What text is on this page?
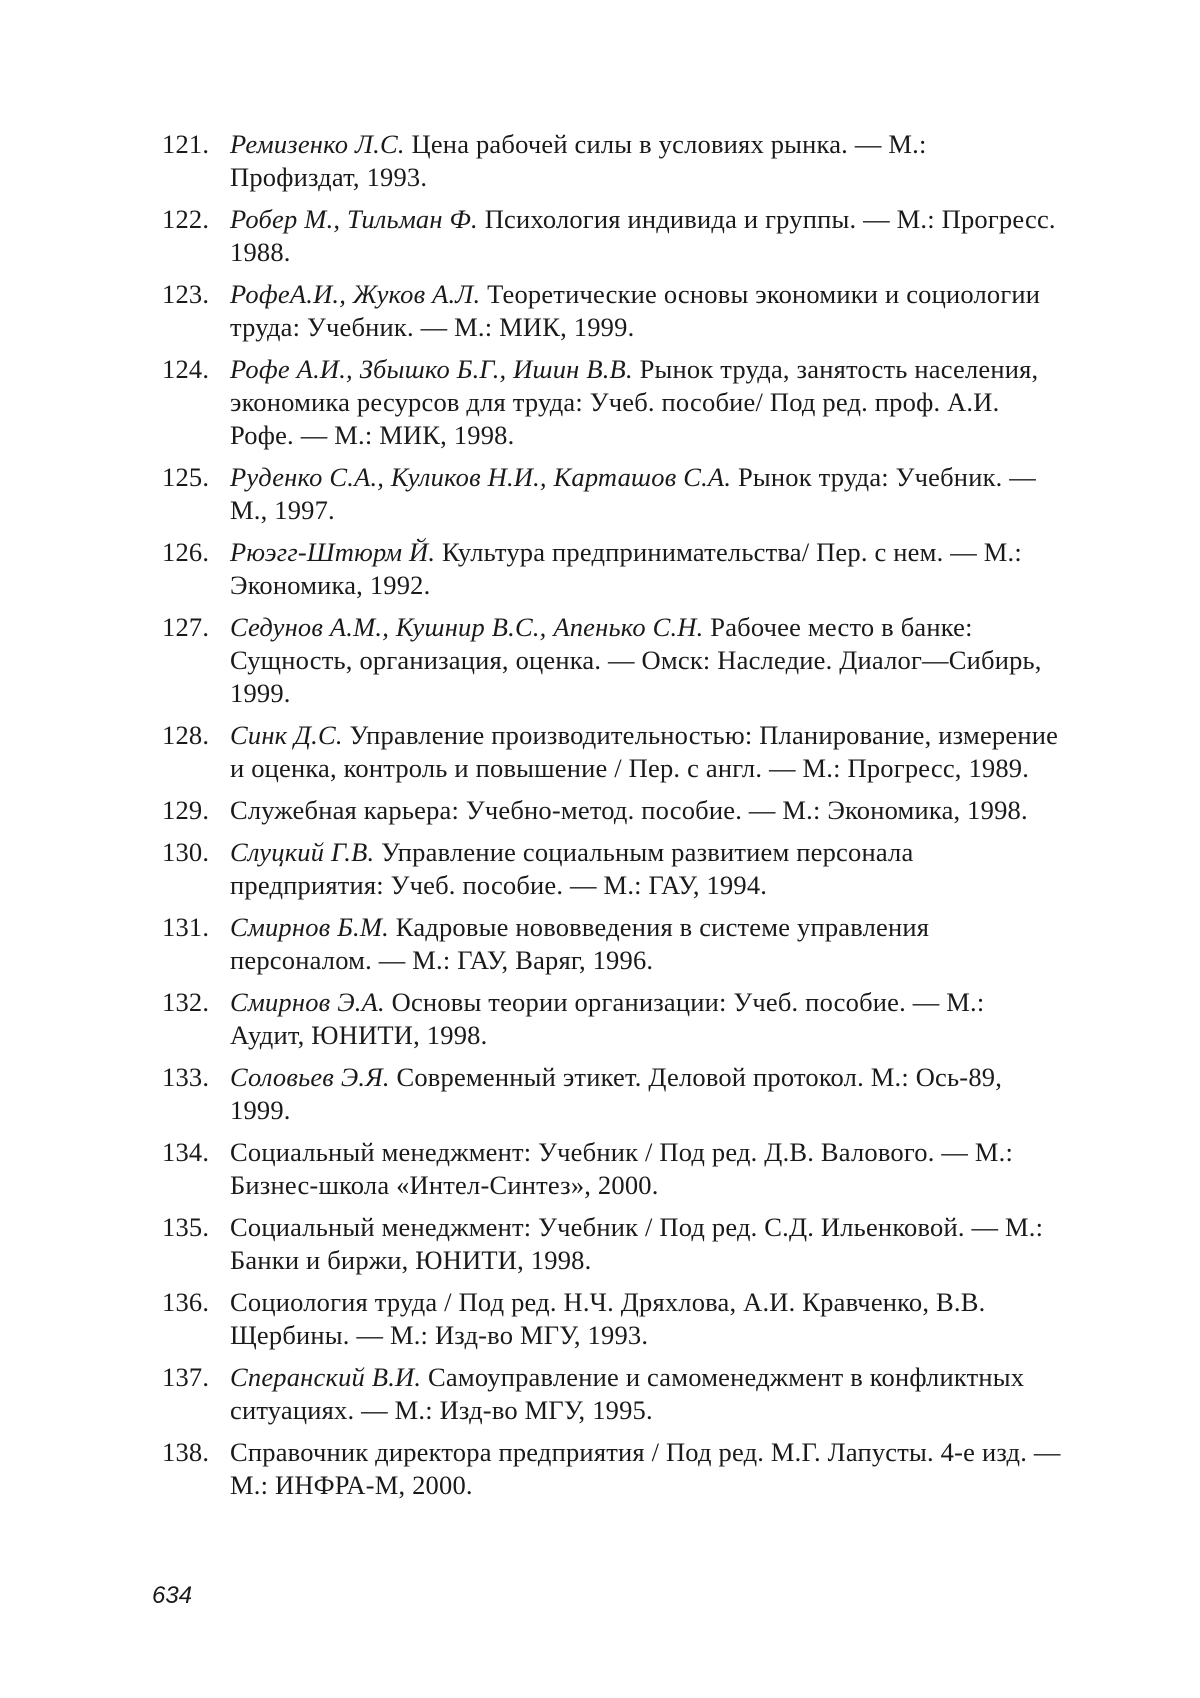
121. Ремизенко Л.С. Цена рабочей силы в условиях рынка. — М.: Профиздат, 1993.
122. Робер М., Тильман Ф. Психология индивида и группы. — М.: Прогресс. 1988.
123. РофеА.И., Жуков А.Л. Теоретические основы экономики и социологии труда: Учебник. — М.: МИК, 1999.
124. Рофе А.И., Збышко Б.Г., Ишин В.В. Рынок труда, занятость населения, экономика ресурсов для труда: Учеб. пособие/ Под ред. проф. А.И. Рофе. — М.: МИК, 1998.
125. Руденко С.А., Куликов Н.И., Карташов С.А. Рынок труда: Учебник. — М., 1997.
126. Рюэгг-Штюрм Й. Культура предпринимательства/ Пер. с нем. — М.: Экономика, 1992.
127. Седунов А.М., Кушнир В.С., Апенько С.Н. Рабочее место в банке: Сущность, организация, оценка. — Омск: Наследие. Диалог—Сибирь, 1999.
128. Синк Д.С. Управление производительностью: Планирование, измерение и оценка, контроль и повышение / Пер. с англ. — М.: Прогресс, 1989.
129. Служебная карьера: Учебно-метод. пособие. — М.: Экономика, 1998.
130. Слуцкий Г.В. Управление социальным развитием персонала предприятия: Учеб. пособие. — М.: ГАУ, 1994.
131. Смирнов Б.М. Кадровые нововведения в системе управления персоналом. — М.: ГАУ, Варяг, 1996.
132. Смирнов Э.А. Основы теории организации: Учеб. пособие. — М.: Аудит, ЮНИТИ, 1998.
133. Соловьев Э.Я. Современный этикет. Деловой протокол. М.: Ось-89, 1999.
134. Социальный менеджмент: Учебник / Под ред. Д.В. Валового. — М.: Бизнес-школа «Интел-Синтез», 2000.
135. Социальный менеджмент: Учебник / Под ред. С.Д. Ильенковой. — М.: Банки и биржи, ЮНИТИ, 1998.
136. Социология труда / Под ред. Н.Ч. Дряхлова, А.И. Кравченко, В.В. Щербины. — М.: Изд-во МГУ, 1993.
137. Сперанский В.И. Самоуправление и самоменеджмент в конфликтных ситуациях. — М.: Изд-во МГУ, 1995.
138. Справочник директора предприятия / Под ред. М.Г. Лапусты. 4-е изд. — М.: ИНФРА-М, 2000.
634
